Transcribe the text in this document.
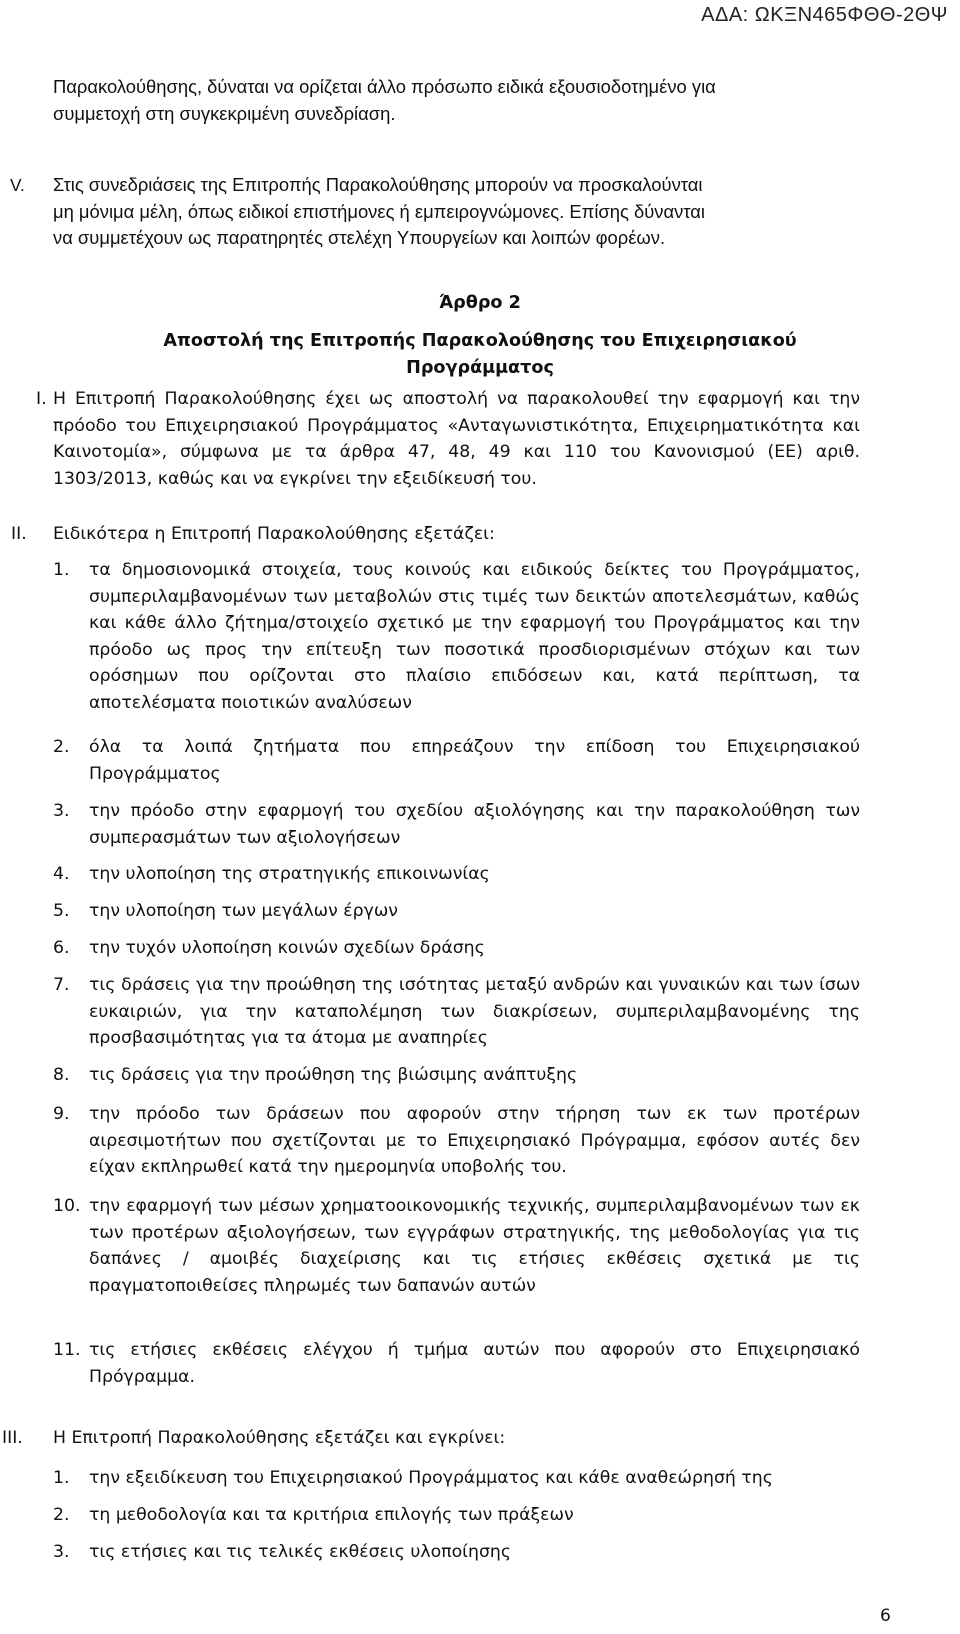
ΑΔΑ: ΩΚΞΝ465ΦΘΘ-2ΘΨ
Παρακολούθησης, δύναται να ορίζεται άλλο πρόσωπο ειδικά εξουσιοδοτημένο για
συμμετοχή στη συγκεκριμένη συνεδρίαση.
V. Στις συνεδριάσεις της Επιτροπής Παρακολούθησης μπορούν να προσκαλούνται
μη μόνιμα μέλη, όπως ειδικοί επιστήμονες ή εμπειρογνώμονες. Επίσης δύνανται
να συμμετέχουν ως παρατηρητές στελέχη Υπουργείων και λοιπών φορέων.
Άρθρο 2
Αποστολή της Επιτροπής Παρακολούθησης του Επιχειρησιακού
Προγράμματος
I. Η Επιτροπή Παρακολούθησης έχει ως αποστολή να παρακολουθεί την εφαρμογή και την πρόοδο του Επιχειρησιακού Προγράμματος «Ανταγωνιστικότητα, Επιχειρηματικότητα και Καινοτομία», σύμφωνα με τα άρθρα 47, 48, 49 και 110 του Κανονισμού (ΕΕ) αριθ. 1303/2013, καθώς και να εγκρίνει την εξειδίκευσή του.
II. Ειδικότερα η Επιτροπή Παρακολούθησης εξετάζει:
1. τα δημοσιονομικά στοιχεία, τους κοινούς και ειδικούς δείκτες του Προγράμματος, συμπεριλαμβανομένων των μεταβολών στις τιμές των δεικτών αποτελεσμάτων, καθώς και κάθε άλλο ζήτημα/στοιχείο σχετικό με την εφαρμογή του Προγράμματος και την πρόοδο ως προς την επίτευξη των ποσοτικά προσδιορισμένων στόχων και των ορόσημων που ορίζονται στο πλαίσιο επιδόσεων και, κατά περίπτωση, τα αποτελέσματα ποιοτικών αναλύσεων
2. όλα τα λοιπά ζητήματα που επηρεάζουν την επίδοση του Επιχειρησιακού Προγράμματος
3. την πρόοδο στην εφαρμογή του σχεδίου αξιολόγησης και την παρακολούθηση των συμπερασμάτων των αξιολογήσεων
4. την υλοποίηση της στρατηγικής επικοινωνίας
5. την υλοποίηση των μεγάλων έργων
6. την τυχόν υλοποίηση κοινών σχεδίων δράσης
7. τις δράσεις για την προώθηση της ισότητας μεταξύ ανδρών και γυναικών και των ίσων ευκαιριών, για την καταπολέμηση των διακρίσεων, συμπεριλαμβανομένης της προσβασιμότητας για τα άτομα με αναπηρίες
8. τις δράσεις για την προώθηση της βιώσιμης ανάπτυξης
9. την πρόοδο των δράσεων που αφορούν στην τήρηση των εκ των προτέρων αιρεσιμοτήτων που σχετίζονται με το Επιχειρησιακό Πρόγραμμα, εφόσον αυτές δεν είχαν εκπληρωθεί κατά την ημερομηνία υποβολής του.
10. την εφαρμογή των μέσων χρηματοοικονομικής τεχνικής, συμπεριλαμβανομένων των εκ των προτέρων αξιολογήσεων, των εγγράφων στρατηγικής, της μεθοδολογίας για τις δαπάνες / αμοιβές διαχείρισης και τις ετήσιες εκθέσεις σχετικά με τις πραγματοποιθείσες πληρωμές των δαπανών αυτών
11. τις ετήσιες εκθέσεις ελέγχου ή τμήμα αυτών που αφορούν στο Επιχειρησιακό Πρόγραμμα.
III. Η Επιτροπή Παρακολούθησης εξετάζει και εγκρίνει:
1. την εξειδίκευση του Επιχειρησιακού Προγράμματος και κάθε αναθεώρησή της
2. τη μεθοδολογία και τα κριτήρια επιλογής των πράξεων
3. τις ετήσιες και τις τελικές εκθέσεις υλοποίησης
6
